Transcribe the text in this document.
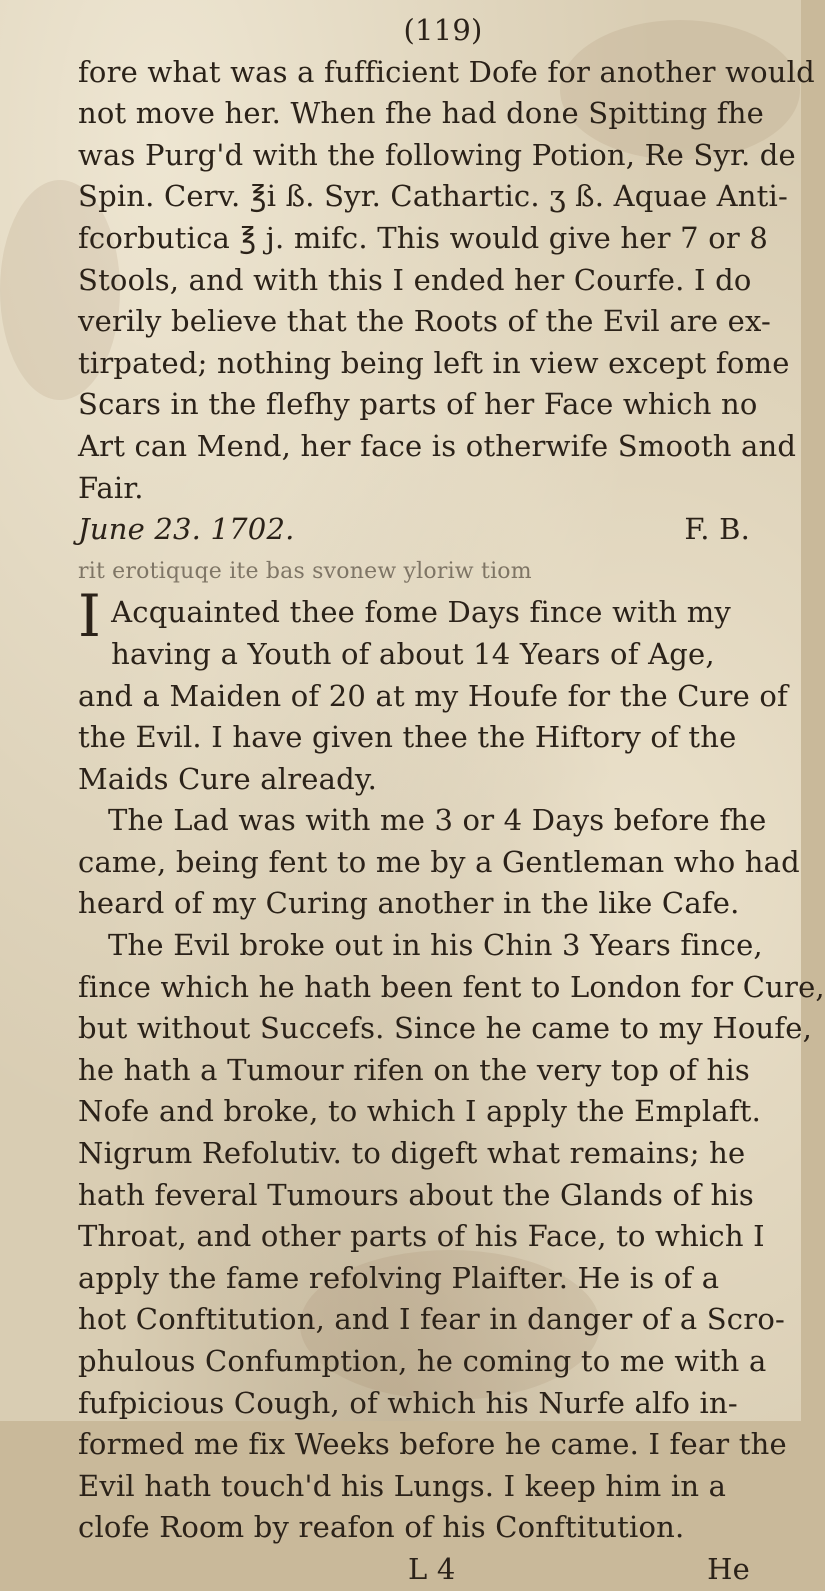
(119)
fore what was a fufficient Dofe for another would
not move her. When fhe had done Spitting fhe
was Purg'd with the following Potion, Re Syr. de
Spin. Cerv. ℥i ß. Syr. Cathartic. ʒ ß. Aquae Anti-
fcorbutica ℥ j. mifc. This would give her 7 or 8
Stools, and with this I ended her Courfe. I do
verily believe that the Roots of the Evil are ex-
tirpated; nothing being left in view except fome
Scars in the flefhy parts of her Face which no
Art can Mend, her face is otherwife Smooth and
Fair.
June 23. 1702.	F. B.
rit erotiquqe ite bas svonew yloriw tiom
I Acquainted thee fome Days fince with my
having a Youth of about 14 Years of Age,
and a Maiden of 20 at my Houfe for the Cure of
the Evil. I have given thee the Hiftory of the
Maids Cure already.
The Lad was with me 3 or 4 Days before fhe
came, being fent to me by a Gentleman who had
heard of my Curing another in the like Cafe.
The Evil broke out in his Chin 3 Years fince,
fince which he hath been fent to London for Cure,
but without Succefs. Since he came to my Houfe,
he hath a Tumour rifen on the very top of his
Nofe and broke, to which I apply the Emplaft.
Nigrum Refolutiv. to digeft what remains; he
hath feveral Tumours about the Glands of his
Throat, and other parts of his Face, to which I
apply the fame refolving Plaifter. He is of a
hot Conftitution, and I fear in danger of a Scro-
phulous Confumption, he coming to me with a
fufpicious Cough, of which his Nurfe alfo in-
formed me fix Weeks before he came. I fear the
Evil hath touch'd his Lungs. I keep him in a
clofe Room by reafon of his Conftitution.
L 4	He
